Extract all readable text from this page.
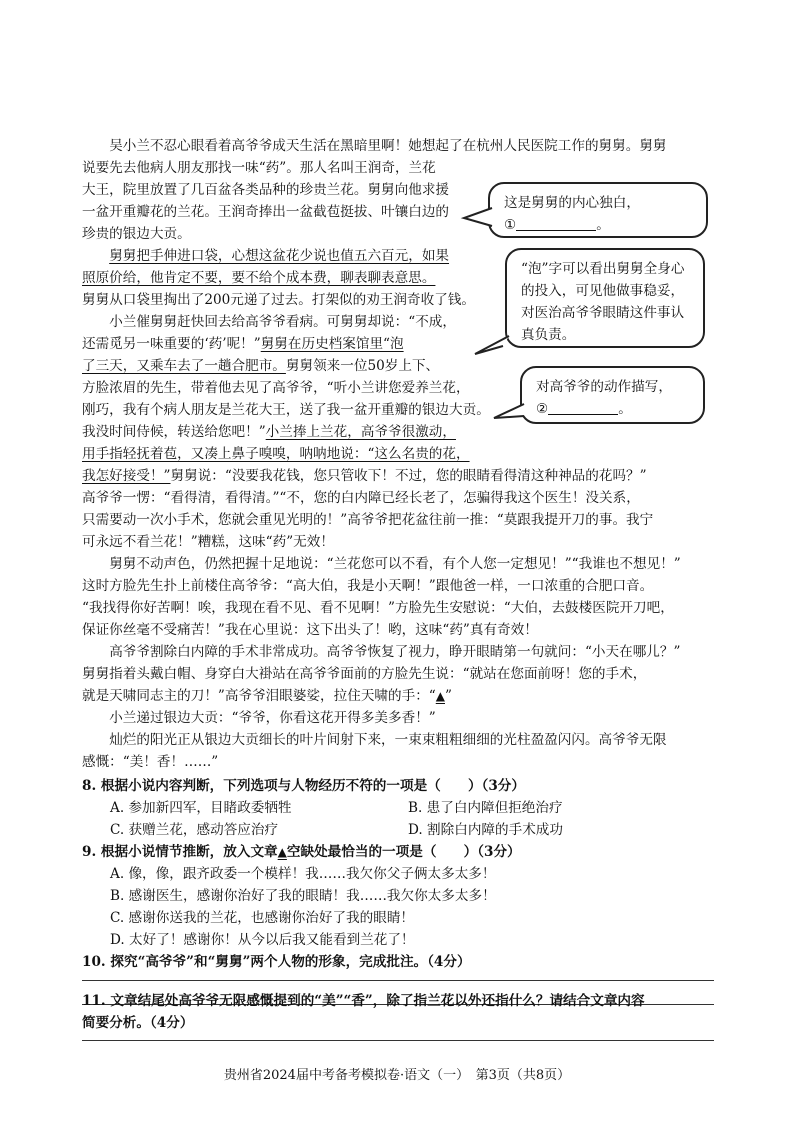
  吴小兰不忍心眼看着高爷爷成天生活在黑暗里啊！她想起了在杭州人民医院工作的舅舅。舅舅

说要先去他病人朋友那找一味“药”。那人名叫王润奇，兰花

大王，院里放置了几百盆各类品种的珍贵兰花。舅舅向他求援

一盆开重瓣花的兰花。王润奇捧出一盆截苞挺拔、叶镶白边的

珍贵的银边大贡。

  舅舅把手伸进口袋，心想这盆花少说也值五六百元，如果

照原价给，他肯定不要，要不给个成本费，聊表聊表意思。

舅舅从口袋里掏出了200元递了过去。打架似的劝王润奇收了钱。

  小兰催舅舅赶快回去给高爷爷看病。可舅舅却说：“不成，

还需觅另一味重要的‘药’呢！”舅舅在历史档案馆里“泡

了三天，又乘车去了一趟合肥市。舅舅领来一位50岁上下、

方脸浓眉的先生，带着他去见了高爷爷，“听小兰讲您爱养兰花，

刚巧，我有个病人朋友是兰花大王，送了我一盆开重瓣的银边大贡。

我没时间侍候，转送给您吧！”小兰捧上兰花，高爷爷很激动，

用手指轻抚着苞，又凑上鼻子嗅嗅，呐呐地说：“这么名贵的花，

我怎好接受！”舅舅说：“没要我花钱，您只管收下！不过，您的眼睛看得清这种神品的花吗？”

高爷爷一愣：“看得清，看得清。”“不，您的白内障已经长老了，怎骗得我这个医生！没关系，

只需要动一次小手术，您就会重见光明的！”高爷爷把花盆往前一推：“莫跟我提开刀的事。我宁

可永远不看兰花！”糟糕，这味“药”无效！

  舅舅不动声色，仍然把握十足地说：“兰花您可以不看，有个人您一定想见！”“我谁也不想见！”

这时方脸先生扑上前楼住高爷爷：“高大伯，我是小天啊！”跟他爸一样，一口浓重的合肥口音。

“我找得你好苦啊！唉，我现在看不见、看不见啊！”方脸先生安慰说：“大伯，去鼓楼医院开刀吧，

保证你丝毫不受痛苦！”我在心里说：这下出头了！哟，这味“药”真有奇效！

  高爷爷割除白内障的手术非常成功。高爷爷恢复了视力，睁开眼睛第一句就问：“小天在哪儿？”

舅舅指着头戴白帽、身穿白大褂站在高爷爷面前的方脸先生说：“就站在您面前呀！您的手术，

就是天啸同志主的刀！”高爷爷泪眼婆娑，拉住天啸的手：“▲”

  小兰递过银边大贡：“爷爷，你看这花开得多美多香！”

  灿烂的阳光正从银边大贡细长的叶片间射下来，一束束粗粗细细的光柱盈盈闪闪。高爷爷无限

感慨：“美！香！……”

这是舅舅的内心独白，
①	。
“泡”字可以看出舅舅全身心的投入，可见他做事稳妥，对医治高爷爷眼睛这件事认真负责。
对高爷爷的动作描写，
②	。
8. 根据小说内容判断，下列选项与人物经历不符的一项是（　　）（3分）
A. 参加新四军，目睹政委牺牲	B. 患了白内障但拒绝治疗
C. 获赠兰花，感动答应治疗	D. 割除白内障的手术成功
9. 根据小说情节推断，放入文章▲空缺处最恰当的一项是（　　）（3分）
A. 像，像，跟齐政委一个模样！我……我欠你父子俩太多太多！
B. 感谢医生，感谢你治好了我的眼睛！我……我欠你太多太多！
C. 感谢你送我的兰花，也感谢你治好了我的眼睛！
D. 太好了！感谢你！从今以后我又能看到兰花了！
10. 探究“高爷爷”和“舅舅”两个人物的形象，完成批注。（4分）
11. 文章结尾处高爷爷无限感慨提到的“美”“香”，除了指兰花以外还指什么？请结合文章内容
简要分析。（4分）
贵州省2024届中考备考模拟卷·语文（一）　第3页（共8页）
